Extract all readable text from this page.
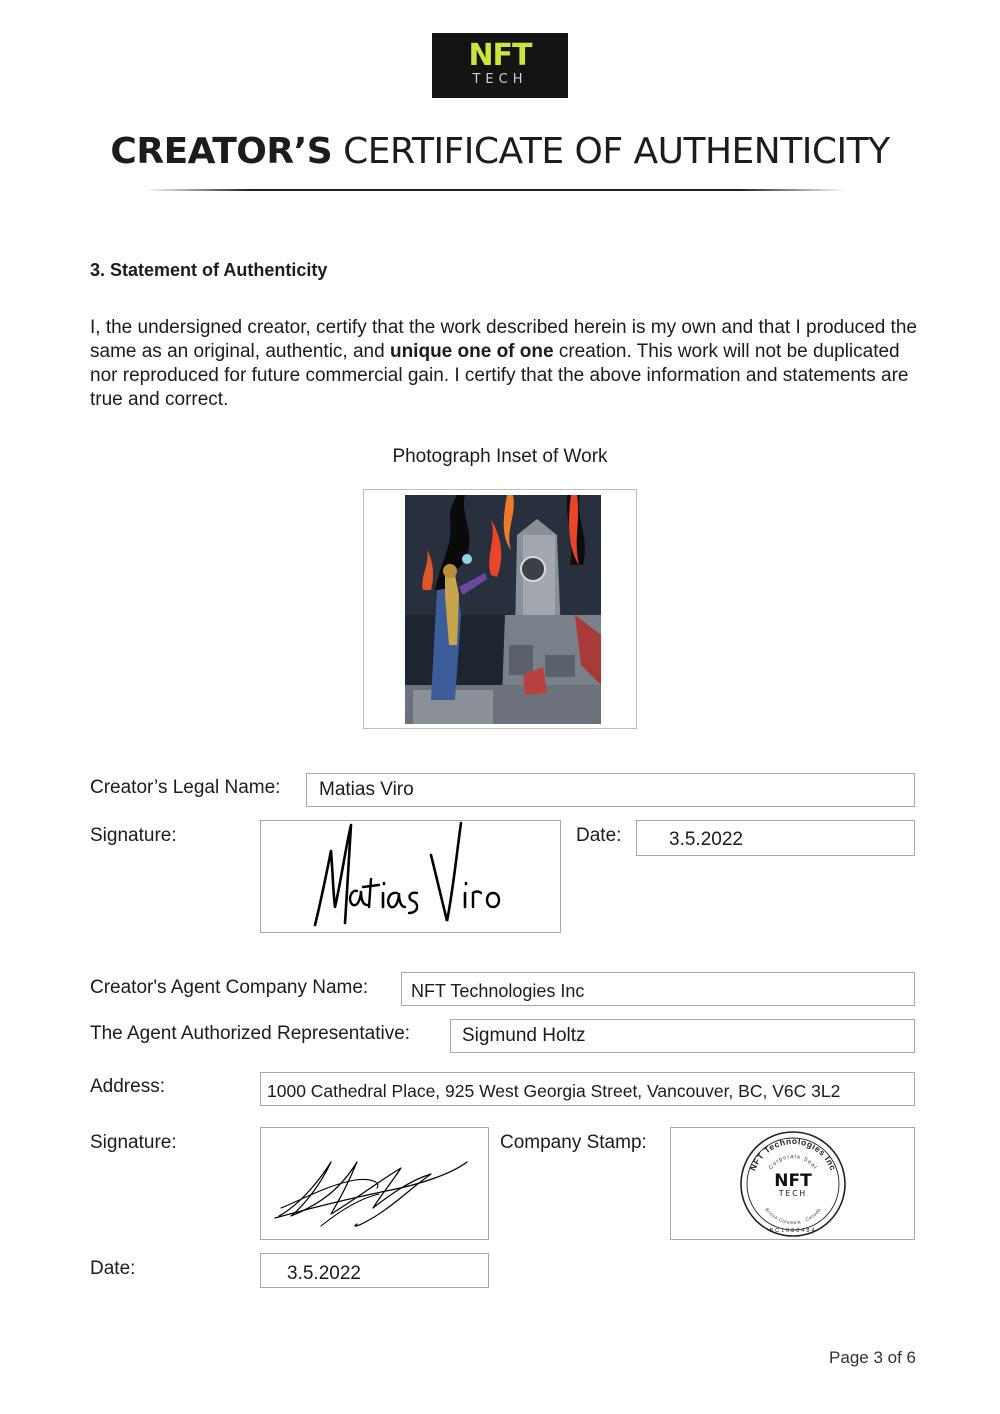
NFT
TECH
CREATOR’S CERTIFICATE OF AUTHENTICITY
3. Statement of Authenticity

I, the undersigned creator, certify that the work described herein is my own and that I produced the same as an original, authentic, and unique one of one creation. This work will not be duplicated nor reproduced for future commercial gain. I certify that the above information and statements are true and correct.

Photograph Inset of Work
Creator’s Legal Name: Matias Viro
Signature:	Date:	3.5.2022
Creator's Agent Company Name: NFT Technologies Inc
The Agent Authorized Representative:	Sigmund Holtz
Address:	1000 Cathedral Place, 925 West Georgia Street, Vancouver, BC, V6C 3L2
Signature:	Company Stamp:
NFT Technologies Inc
Corporate Seal
NFT
TECH
British Columbia · Canada
BC1088484
Date:	3.5.2022
Page 3 of 6
